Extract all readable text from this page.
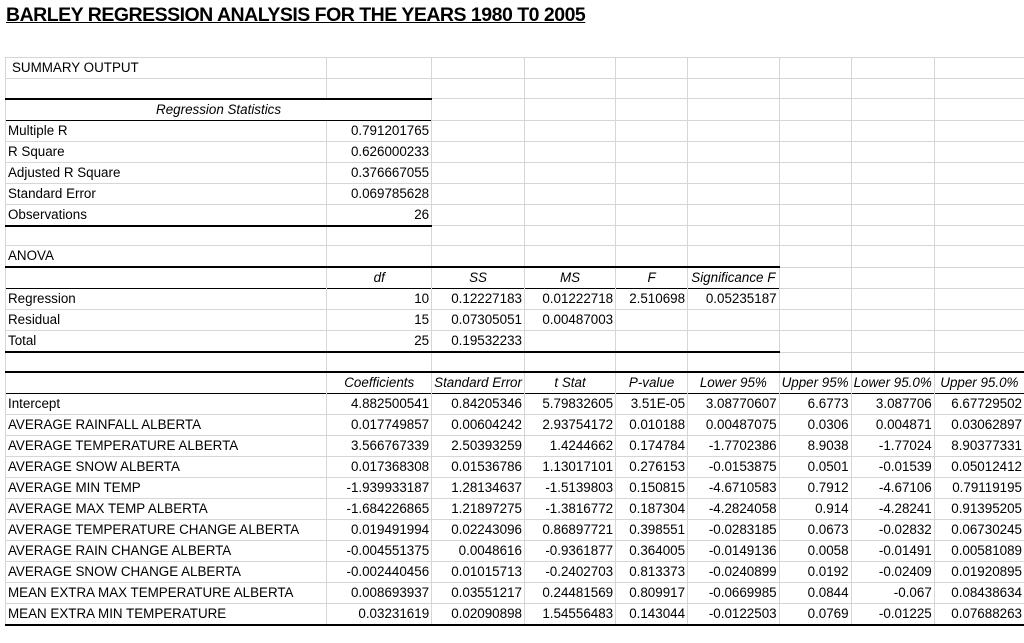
BARLEY REGRESSION ANALYSIS FOR THE YEARS 1980 T0 2005
SUMMARY OUTPUT								

Regression Statistics								
Multiple R	0.791201765							
R Square	0.626000233							
Adjusted R Square	0.376667055							
Standard Error	0.069785628							
Observations	26							

ANOVA								
	df	SS	MS	F	Significance F			
Regression	10	0.12227183	0.01222718	2.510698	0.05235187			
Residual	15	0.07305051	0.00487003					
Total	25	0.19532233						

	Coefficients	Standard Error	t Stat	P-value	Lower 95%	Upper 95%	Lower 95.0%	Upper 95.0%
Intercept	4.882500541	0.84205346	5.79832605	3.51E-05	3.08770607	6.6773	3.087706	6.67729502
AVERAGE RAINFALL ALBERTA	0.017749857	0.00604242	2.93754172	0.010188	0.00487075	0.0306	0.004871	0.03062897
AVERAGE TEMPERATURE ALBERTA	3.566767339	2.50393259	1.4244662	0.174784	-1.7702386	8.9038	-1.77024	8.90377331
AVERAGE SNOW ALBERTA	0.017368308	0.01536786	1.13017101	0.276153	-0.0153875	0.0501	-0.01539	0.05012412
AVERAGE MIN TEMP	-1.939933187	1.28134637	-1.5139803	0.150815	-4.6710583	0.7912	-4.67106	0.79119195
AVERAGE MAX TEMP ALBERTA	-1.684226865	1.21897275	-1.3816772	0.187304	-4.2824058	0.914	-4.28241	0.91395205
AVERAGE TEMPERATURE CHANGE ALBERTA	0.019491994	0.02243096	0.86897721	0.398551	-0.0283185	0.0673	-0.02832	0.06730245
AVERAGE RAIN CHANGE ALBERTA	-0.004551375	0.0048616	-0.9361877	0.364005	-0.0149136	0.0058	-0.01491	0.00581089
AVERAGE SNOW CHANGE ALBERTA	-0.002440456	0.01015713	-0.2402703	0.813373	-0.0240899	0.0192	-0.02409	0.01920895
MEAN EXTRA MAX TEMPERATURE ALBERTA	0.008693937	0.03551217	0.24481569	0.809917	-0.0669985	0.0844	-0.067	0.08438634
MEAN EXTRA MIN TEMPERATURE	0.03231619	0.02090898	1.54556483	0.143044	-0.0122503	0.0769	-0.01225	0.07688263
